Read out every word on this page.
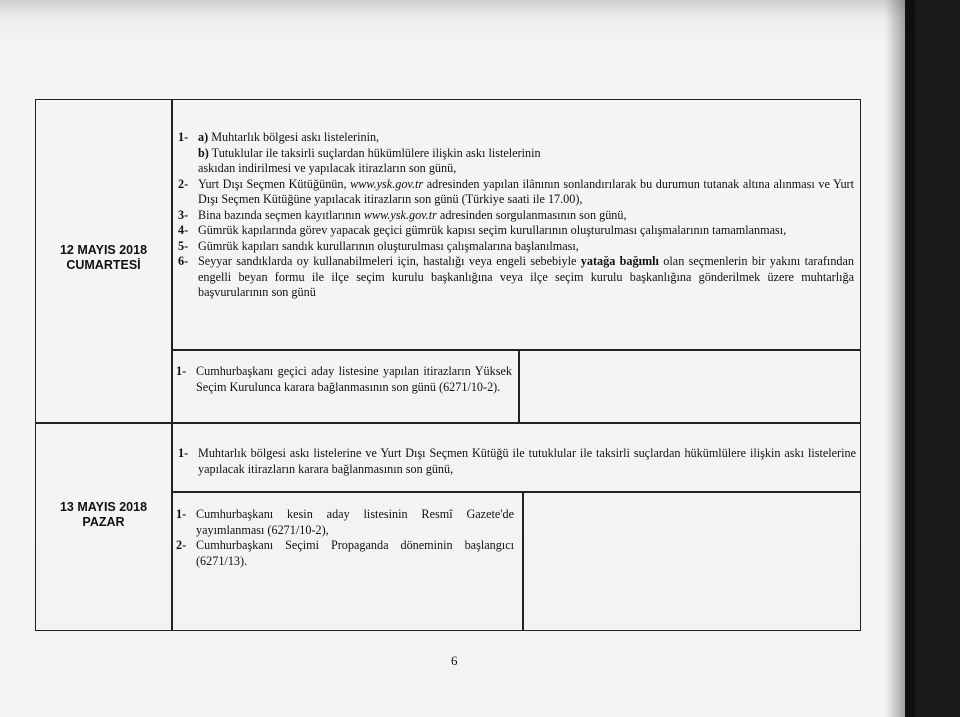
12 MAYIS 2018
CUMARTESİ
13 MAYIS 2018
PAZAR
1- a) Muhtarlık bölgesi askı listelerinin,
b) Tutuklular ile taksirli suçlardan hükümlülere ilişkin askı listelerinin
askıdan indirilmesi ve yapılacak itirazların son günü,
2- Yurt Dışı Seçmen Kütüğünün, www.ysk.gov.tr adresinden yapılan ilânının sonlandırılarak bu durumun tutanak altına alınması ve Yurt Dışı Seçmen Kütüğüne yapılacak itirazların son günü (Türkiye saati ile 17.00),
3- Bina bazında seçmen kayıtlarının www.ysk.gov.tr adresinden sorgulanmasının son günü,
4- Gümrük kapılarında görev yapacak geçici gümrük kapısı seçim kurullarının oluşturulması çalışmalarının tamamlanması,
5- Gümrük kapıları sandık kurullarının oluşturulması çalışmalarına başlanılması,
6- Seyyar sandıklarda oy kullanabilmeleri için, hastalığı veya engeli sebebiyle yatağa bağımlı olan seçmenlerin bir yakını tarafından engelli beyan formu ile ilçe seçim kurulu başkanlığına veya ilçe seçim kurulu başkanlığına gönderilmek üzere muhtarlığa başvurularının son günü
1- Cumhurbaşkanı geçici aday listesine yapılan itirazların Yüksek Seçim Kurulunca karara bağlanmasının son günü (6271/10-2).
1- Muhtarlık bölgesi askı listelerine ve Yurt Dışı Seçmen Kütüğü ile tutuklular ile taksirli suçlardan hükümlülere ilişkin askı listelerine yapılacak itirazların karara bağlanmasının son günü,
1- Cumhurbaşkanı kesin aday listesinin Resmî Gazete'de yayımlanması (6271/10-2),
2- Cumhurbaşkanı Seçimi Propaganda döneminin başlangıcı (6271/13).
6
